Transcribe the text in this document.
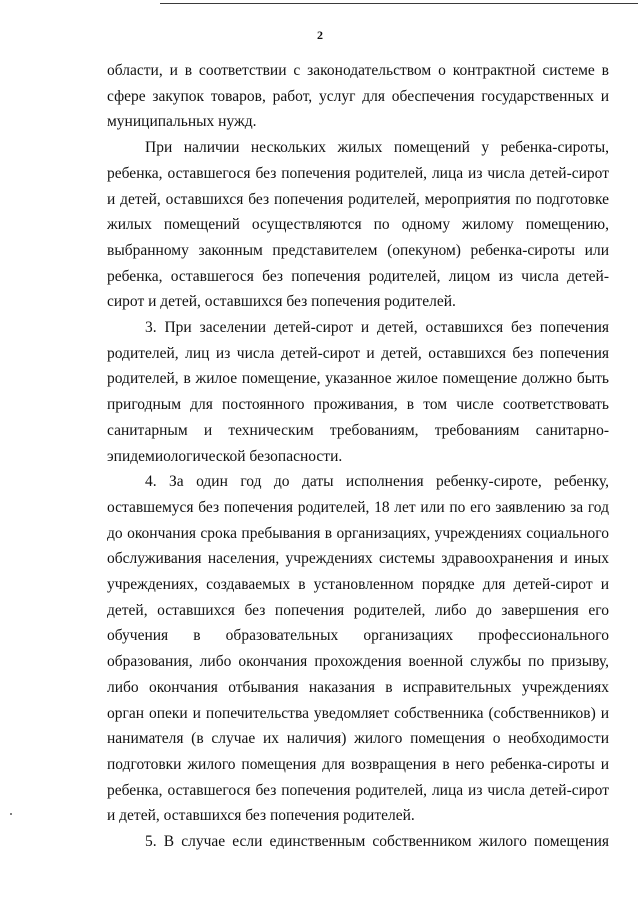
2

области, и в соответствии с законодательством о контрактной системе в сфере закупок товаров, работ, услуг для обеспечения государственных и муниципальных нужд.

При наличии нескольких жилых помещений у ребенка-сироты, ребенка, оставшегося без попечения родителей, лица из числа детей-сирот и детей, оставшихся без попечения родителей, мероприятия по подготовке жилых помещений осуществляются по одному жилому помещению, выбранному законным представителем (опекуном) ребенка-сироты или ребенка, оставшегося без попечения родителей, лицом из числа детей-сирот и детей, оставшихся без попечения родителей.

3. При заселении детей-сирот и детей, оставшихся без попечения родителей, лиц из числа детей-сирот и детей, оставшихся без попечения родителей, в жилое помещение, указанное жилое помещение должно быть пригодным для постоянного проживания, в том числе соответствовать санитарным и техническим требованиям, требованиям санитарно-эпидемиологической безопасности.

4. За один год до даты исполнения ребенку-сироте, ребенку, оставшемуся без попечения родителей, 18 лет или по его заявлению за год до окончания срока пребывания в организациях, учреждениях социального обслуживания населения, учреждениях системы здравоохранения и иных учреждениях, создаваемых в установленном порядке для детей-сирот и детей, оставшихся без попечения родителей, либо до завершения его обучения в образовательных организациях профессионального образования, либо окончания прохождения военной службы по призыву, либо окончания отбывания наказания в исправительных учреждениях орган опеки и попечительства уведомляет собственника (собственников) и нанимателя (в случае их наличия) жилого помещения о необходимости подготовки жилого помещения для возвращения в него ребенка-сироты и ребенка, оставшегося без попечения родителей, лица из числа детей-сирот и детей, оставшихся без попечения родителей.

5. В случае если единственным собственником жилого помещения
